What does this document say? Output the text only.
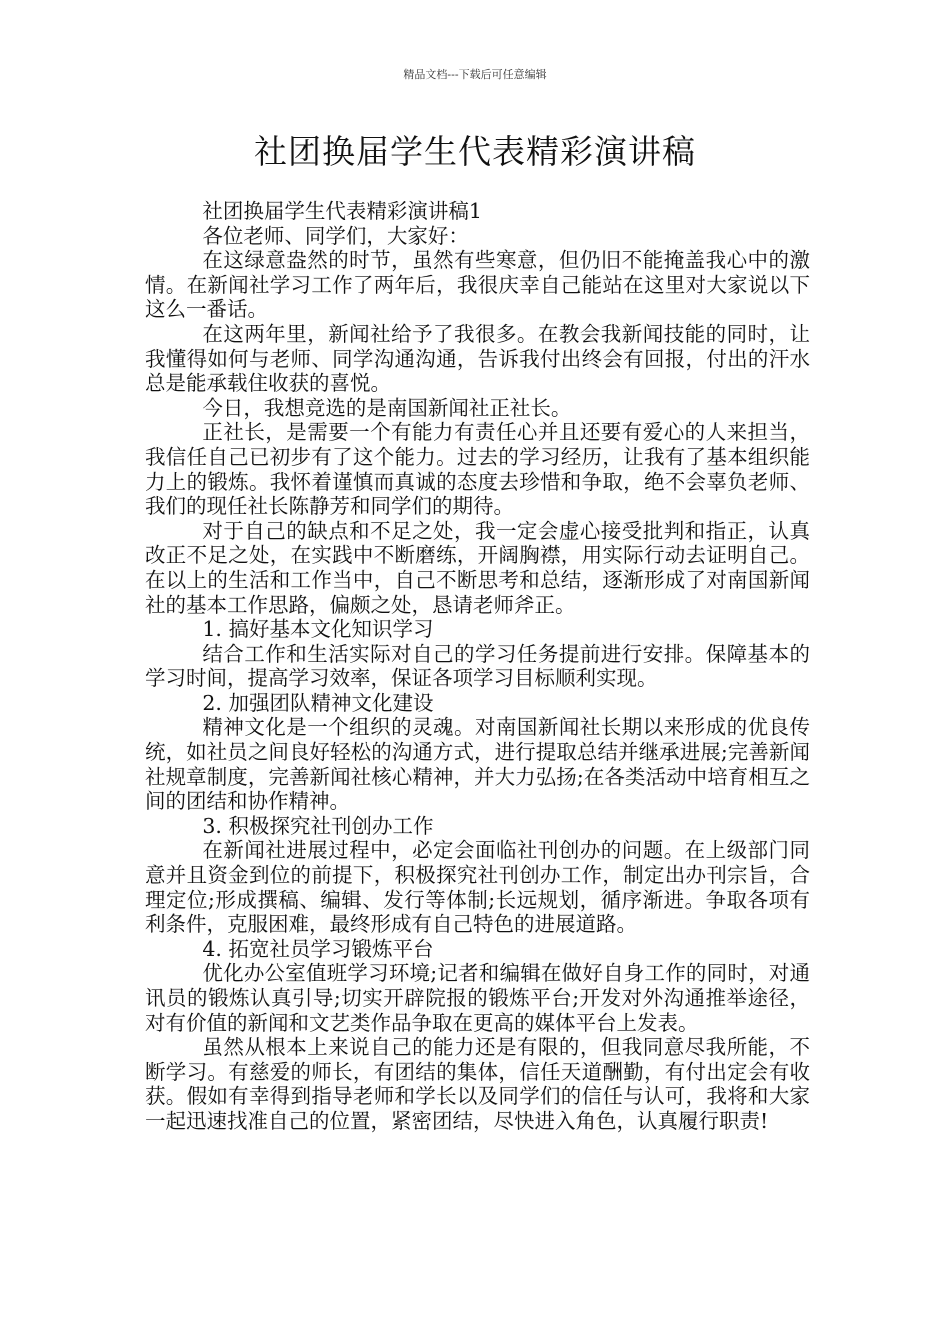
精品文档---下载后可任意编辑
社团换届学生代表精彩演讲稿

社团换届学生代表精彩演讲稿1

各位老师、同学们，大家好：

在这绿意盎然的时节，虽然有些寒意，但仍旧不能掩盖我心中的激情。在新闻社学习工作了两年后，我很庆幸自己能站在这里对大家说以下这么一番话。

在这两年里，新闻社给予了我很多。在教会我新闻技能的同时，让我懂得如何与老师、同学沟通沟通，告诉我付出终会有回报，付出的汗水总是能承载住收获的喜悦。

今日，我想竞选的是南国新闻社正社长。

正社长，是需要一个有能力有责任心并且还要有爱心的人来担当，我信任自己已初步有了这个能力。过去的学习经历，让我有了基本组织能力上的锻炼。我怀着谨慎而真诚的态度去珍惜和争取，绝不会辜负老师、我们的现任社长陈静芳和同学们的期待。

对于自己的缺点和不足之处，我一定会虚心接受批判和指正，认真改正不足之处，在实践中不断磨练，开阔胸襟，用实际行动去证明自己。在以上的生活和工作当中，自己不断思考和总结，逐渐形成了对南国新闻社的基本工作思路，偏颇之处，恳请老师斧正。

1. 搞好基本文化知识学习

结合工作和生活实际对自己的学习任务提前进行安排。保障基本的学习时间，提高学习效率，保证各项学习目标顺利实现。

2. 加强团队精神文化建设

精神文化是一个组织的灵魂。对南国新闻社长期以来形成的优良传统，如社员之间良好轻松的沟通方式，进行提取总结并继承进展;完善新闻社规章制度，完善新闻社核心精神，并大力弘扬;在各类活动中培育相互之间的团结和协作精神。

3. 积极探究社刊创办工作

在新闻社进展过程中，必定会面临社刊创办的问题。在上级部门同意并且资金到位的前提下，积极探究社刊创办工作，制定出办刊宗旨，合理定位;形成撰稿、编辑、发行等体制;长远规划，循序渐进。争取各项有利条件，克服困难，最终形成有自己特色的进展道路。

4. 拓宽社员学习锻炼平台

优化办公室值班学习环境;记者和编辑在做好自身工作的同时，对通讯员的锻炼认真引导;切实开辟院报的锻炼平台;开发对外沟通推举途径，对有价值的新闻和文艺类作品争取在更高的媒体平台上发表。

虽然从根本上来说自己的能力还是有限的，但我同意尽我所能，不断学习。有慈爱的师长，有团结的集体，信任天道酬勤，有付出定会有收获。假如有幸得到指导老师和学长以及同学们的信任与认可，我将和大家一起迅速找准自己的位置，紧密团结，尽快进入角色，认真履行职责!
